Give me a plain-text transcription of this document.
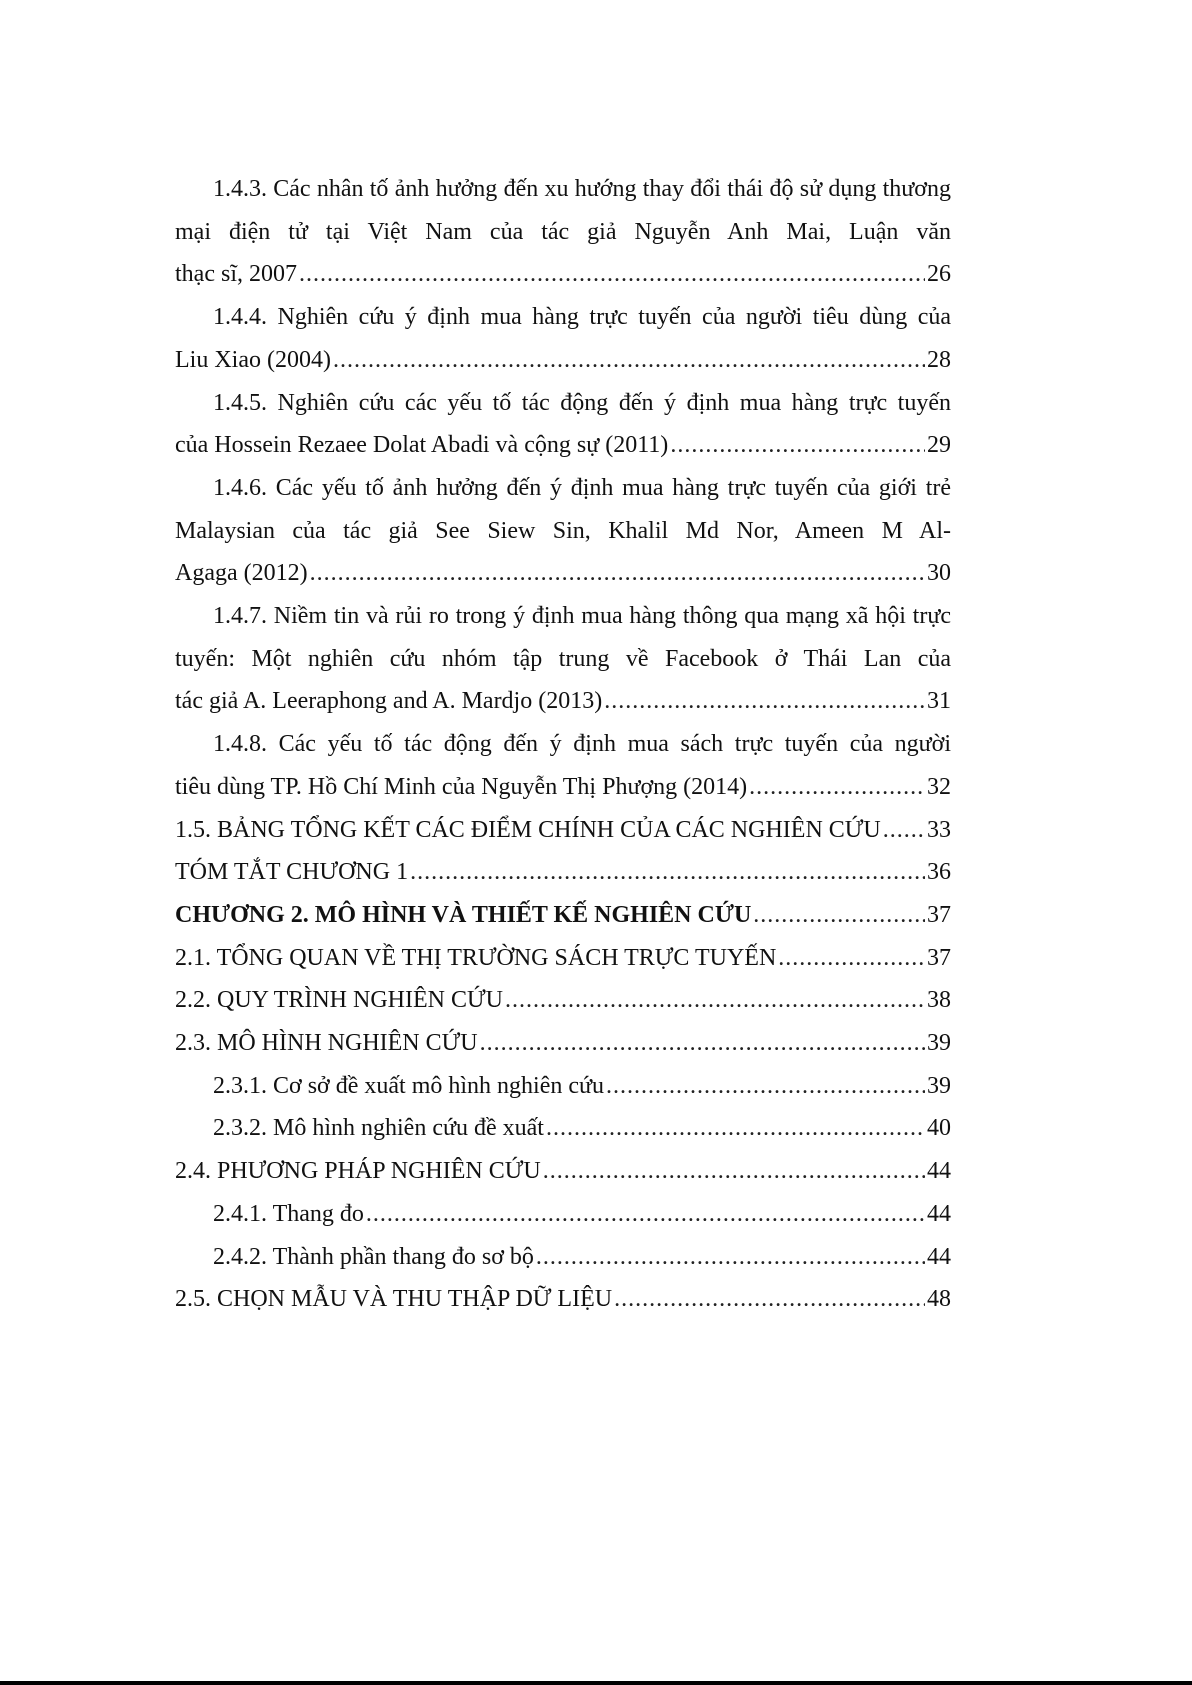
1.4.3. Các nhân tố ảnh hưởng đến xu hướng thay đổi thái độ sử dụng thương mại điện tử tại Việt Nam của tác giả Nguyễn Anh Mai, Luận văn
thạc sĩ, 2007 .....	26
1.4.4. Nghiên cứu ý định mua hàng trực tuyến của người tiêu dùng của
Liu Xiao (2004) .....	28
1.4.5. Nghiên cứu các yếu tố tác động đến ý định mua hàng trực tuyến
của Hossein Rezaee Dolat Abadi và cộng sự (2011) .....	29
1.4.6. Các yếu tố ảnh hưởng đến ý định mua hàng trực tuyến của giới trẻ Malaysian của tác giả See Siew Sin, Khalil Md Nor, Ameen M Al-
Agaga (2012) .....	30
1.4.7. Niềm tin và rủi ro trong ý định mua hàng thông qua mạng xã hội trực tuyến: Một nghiên cứu nhóm tập trung về Facebook ở Thái Lan của
tác giả A. Leeraphong and A. Mardjo (2013) .....	31
1.4.8. Các yếu tố tác động đến ý định mua sách trực tuyến của người
tiêu dùng TP. Hồ Chí Minh của Nguyễn Thị Phượng (2014) .....	32
1.5. BẢNG TỔNG KẾT CÁC ĐIỂM CHÍNH CỦA CÁC NGHIÊN CỨU ..... 33
TÓM TẮT CHƯƠNG 1 .....	36
CHƯƠNG 2. MÔ HÌNH VÀ THIẾT KẾ NGHIÊN CỨU .....	37
2.1. TỔNG QUAN VỀ THỊ TRƯỜNG SÁCH TRỰC TUYẾN .....	37
2.2. QUY TRÌNH NGHIÊN CỨU .....	38
2.3. MÔ HÌNH NGHIÊN CỨU .....	39
2.3.1. Cơ sở đề xuất mô hình nghiên cứu .....	39
2.3.2. Mô hình nghiên cứu đề xuất .....	40
2.4. PHƯƠNG PHÁP NGHIÊN CỨU .....	44
2.4.1. Thang đo .....	44
2.4.2. Thành phần thang đo sơ bộ .....	44
2.5. CHỌN MẪU VÀ THU THẬP DỮ LIỆU .....	48
